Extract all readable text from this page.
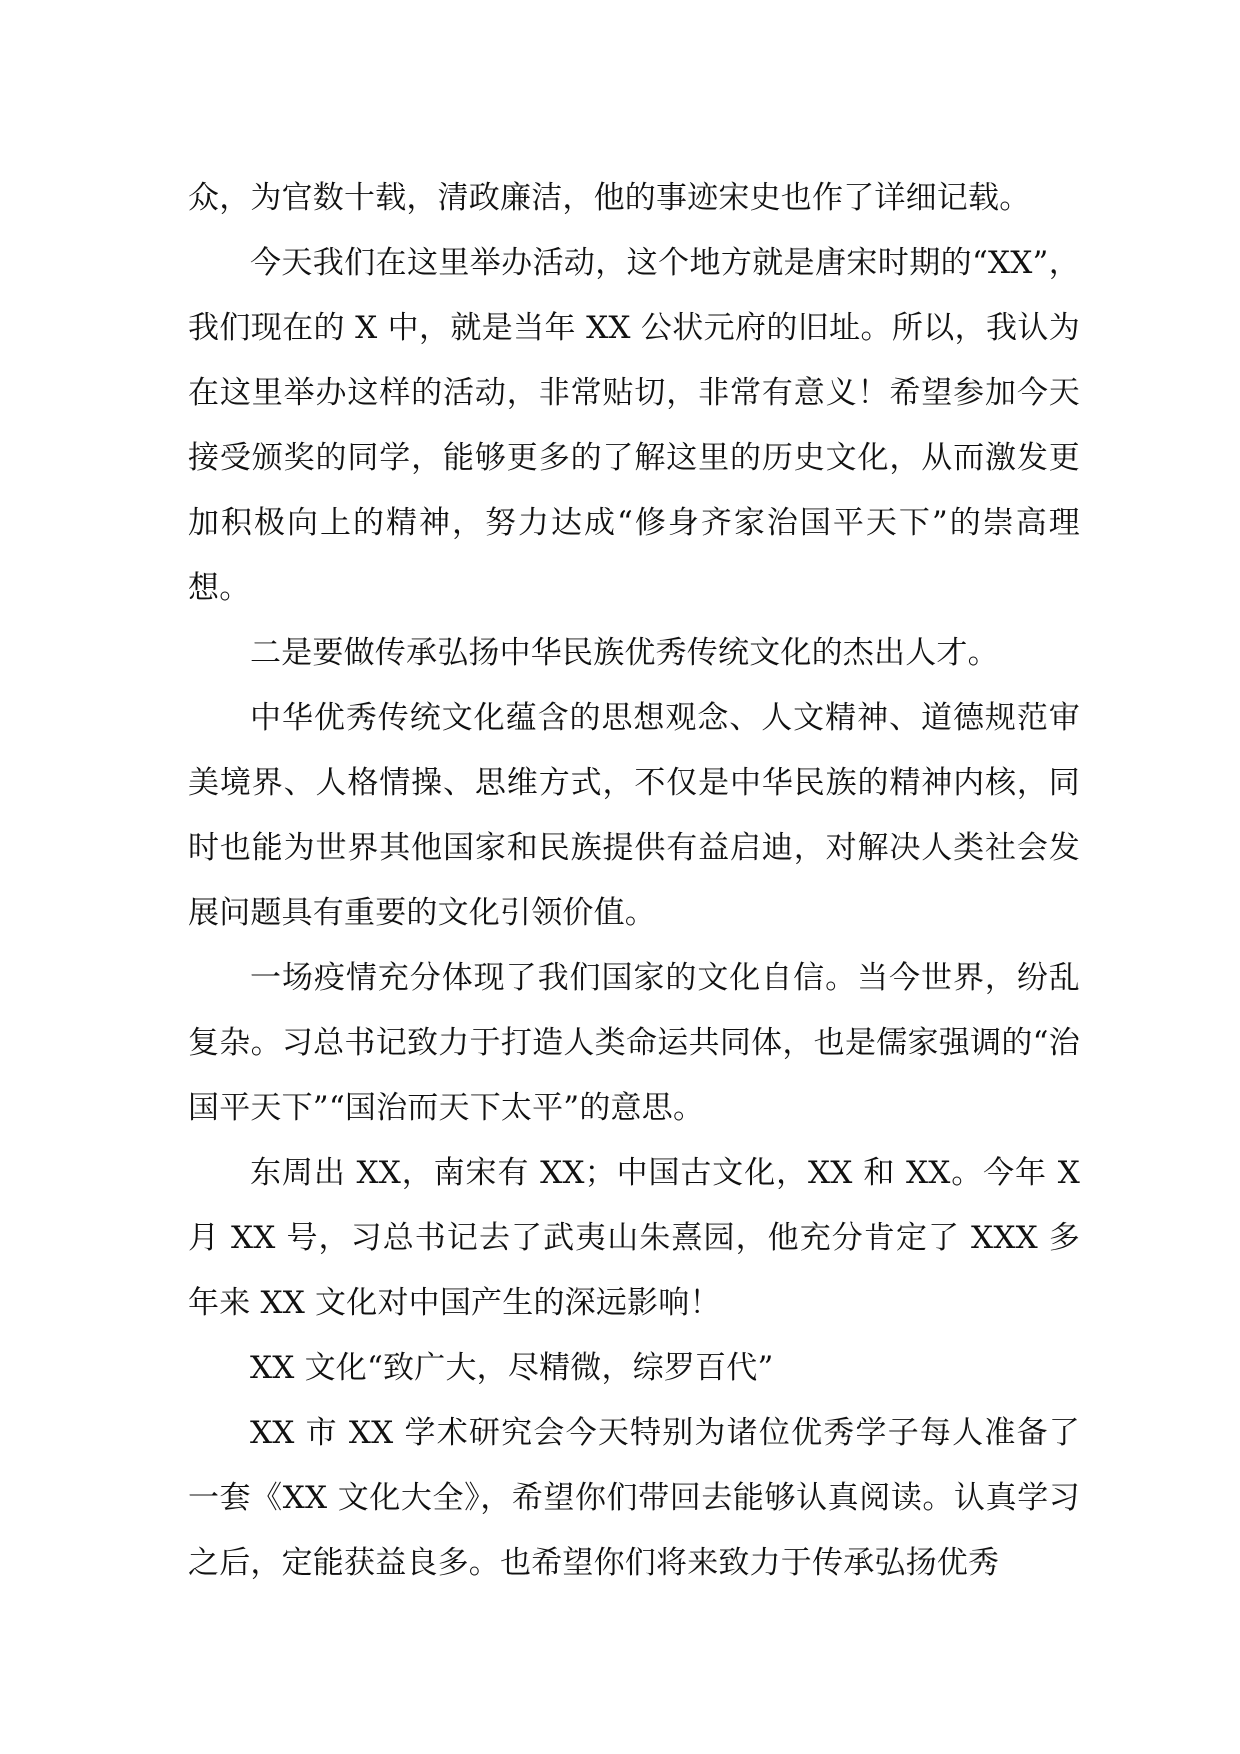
众，为官数十载，清政廉洁，他的事迹宋史也作了详细记载。

今天我们在这里举办活动，这个地方就是唐宋时期的“XX”，我们现在的 X 中，就是当年 XX 公状元府的旧址。所以，我认为在这里举办这样的活动，非常贴切，非常有意义！希望参加今天接受颁奖的同学，能够更多的了解这里的历史文化，从而激发更加积极向上的精神，努力达成“修身齐家治国平天下”的崇高理想。

二是要做传承弘扬中华民族优秀传统文化的杰出人才。

中华优秀传统文化蕴含的思想观念、人文精神、道德规范审美境界、人格情操、思维方式，不仅是中华民族的精神内核，同时也能为世界其他国家和民族提供有益启迪，对解决人类社会发展问题具有重要的文化引领价值。

一场疫情充分体现了我们国家的文化自信。当今世界，纷乱复杂。习总书记致力于打造人类命运共同体，也是儒家强调的“治国平天下”“国治而天下太平”的意思。

东周出 XX，南宋有 XX；中国古文化，XX 和 XX。今年 X 月 XX 号，习总书记去了武夷山朱熹园，他充分肯定了 XXX 多年来 XX 文化对中国产生的深远影响！

XX 文化“致广大，尽精微，综罗百代”

XX 市 XX 学术研究会今天特别为诸位优秀学子每人准备了一套《XX 文化大全》，希望你们带回去能够认真阅读。认真学习之后，定能获益良多。也希望你们将来致力于传承弘扬优秀
